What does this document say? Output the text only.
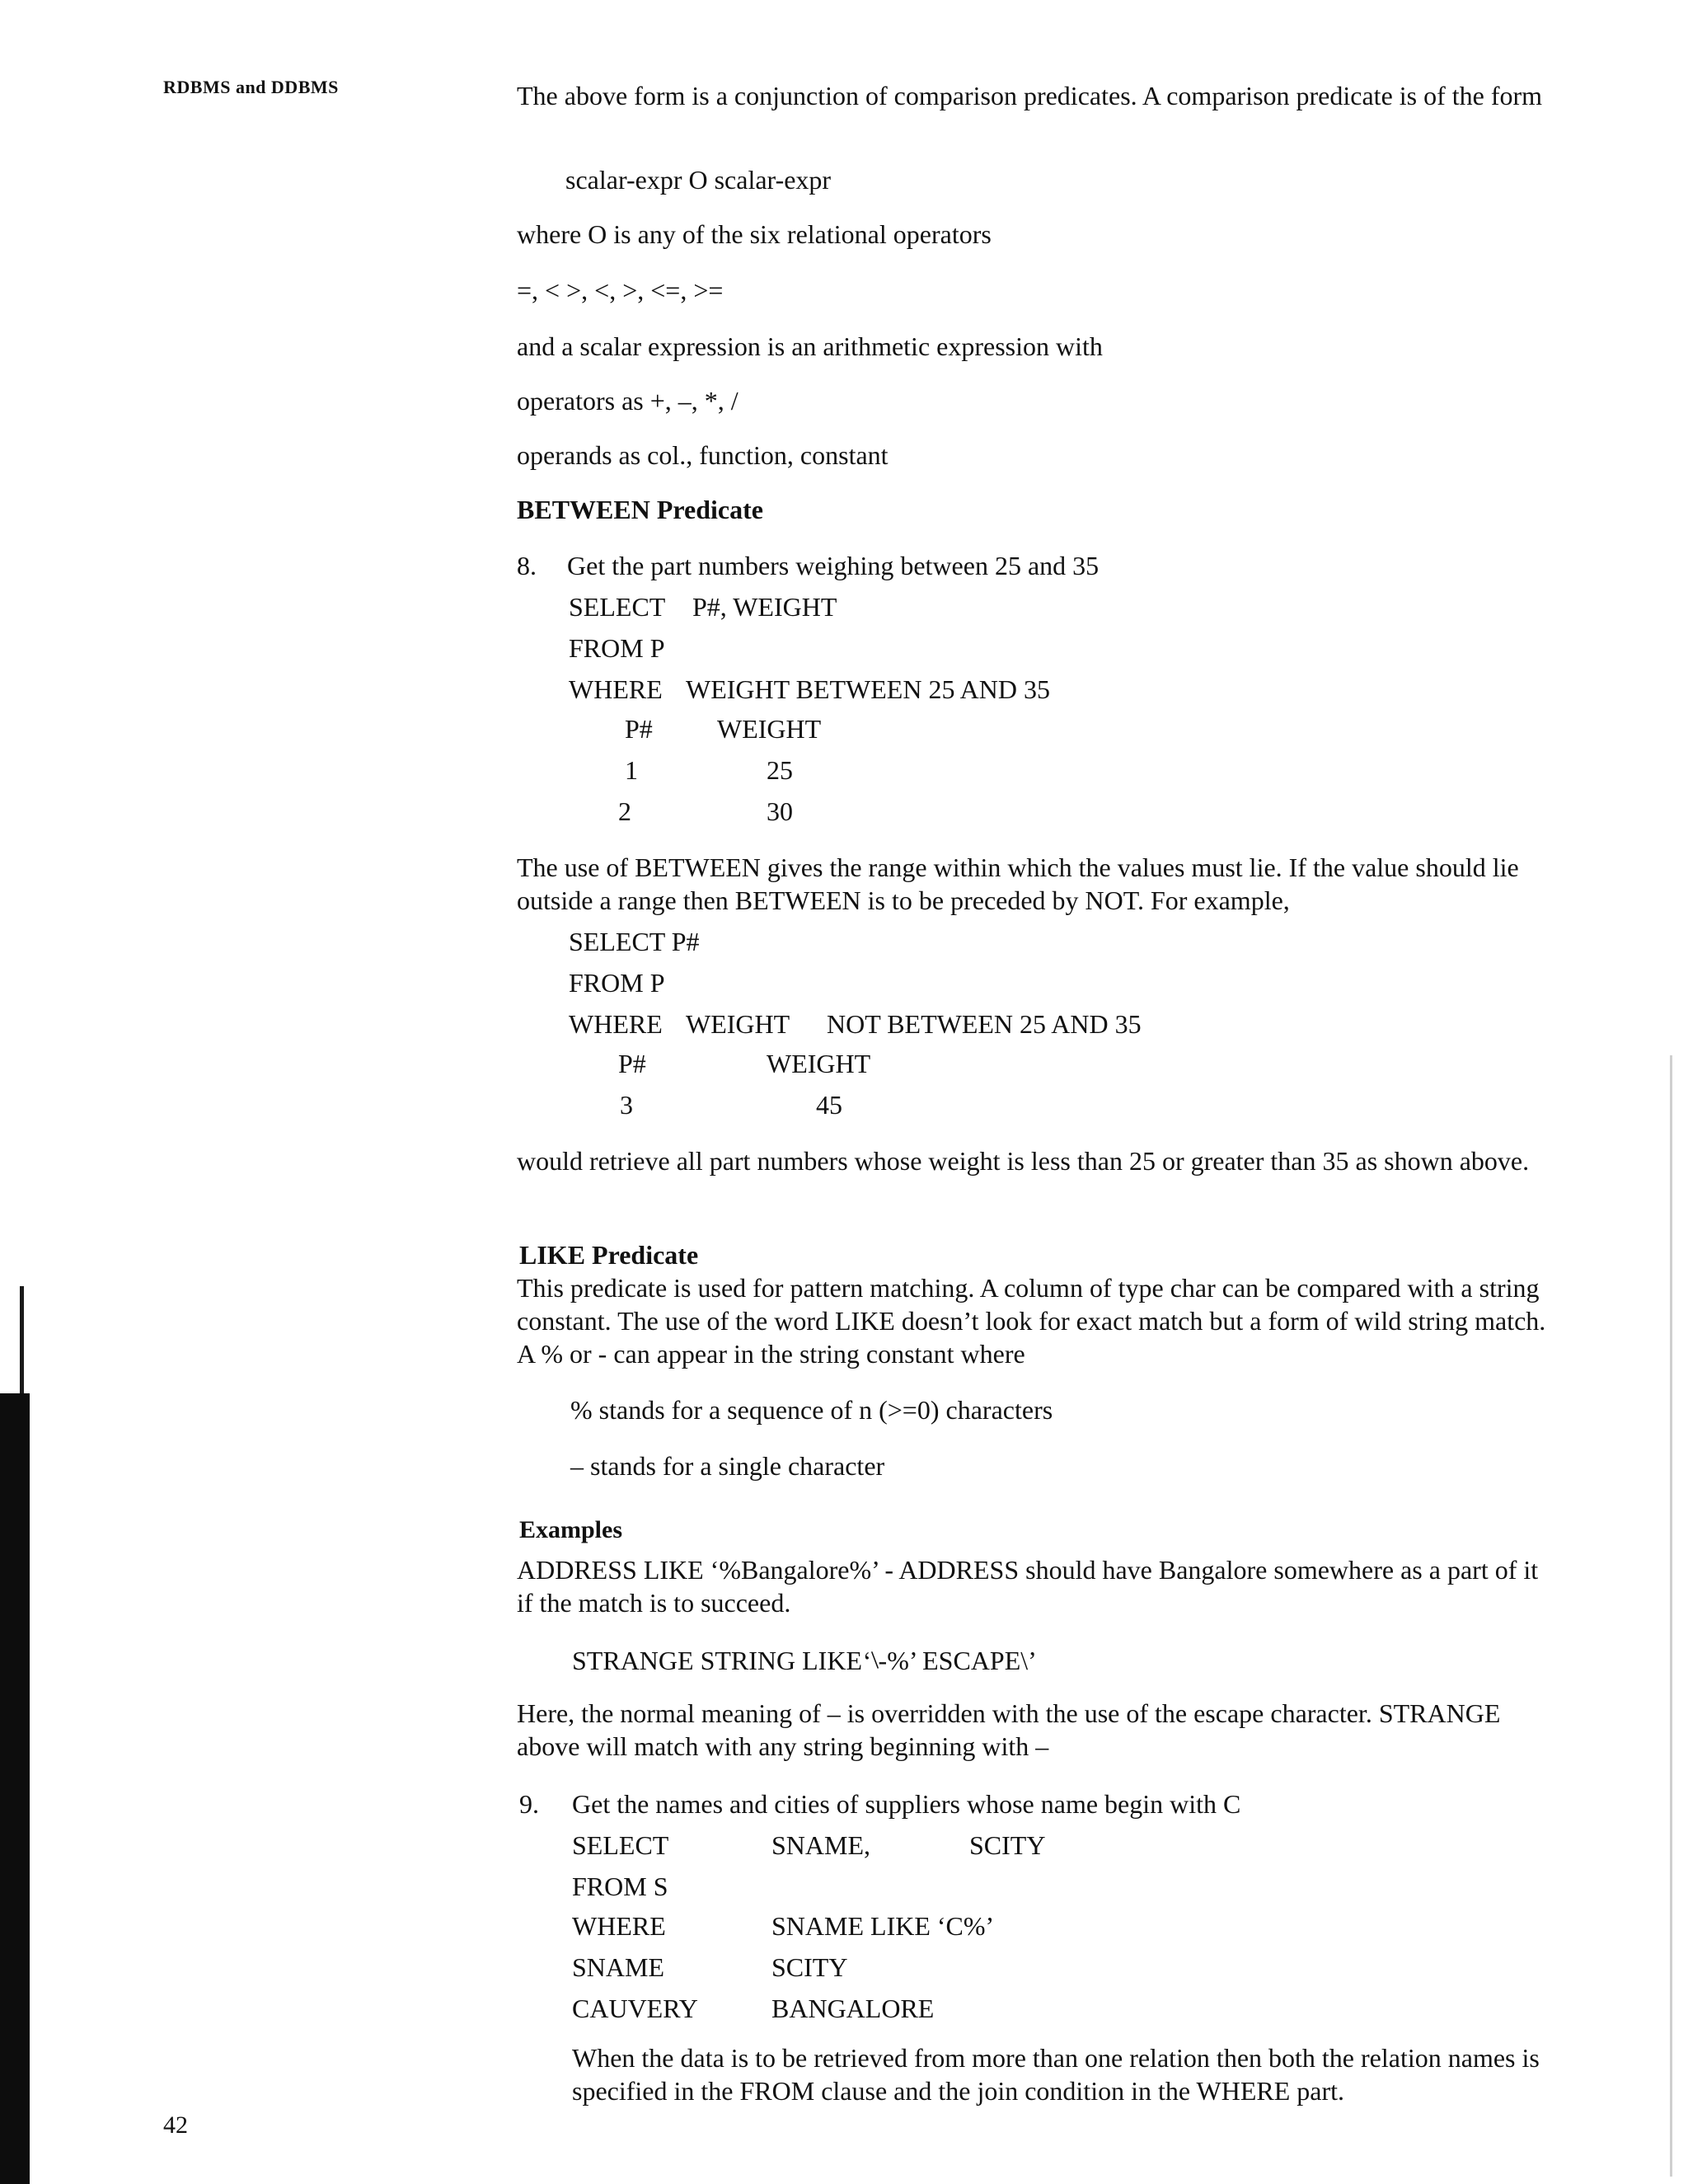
RDBMS and DDBMS	The above form is a conjunction of comparison predicates. A comparison predicate is of the form
scalar-expr O scalar-expr
where O is any of the six relational operators
=, < >, <, >, <=, >=
and a scalar expression is an arithmetic expression with
operators as +, –, *, /
operands as col., function, constant
BETWEEN Predicate
8. Get the part numbers weighing between 25 and 35
SELECT P#, WEIGHT
FROM P
WHERE WEIGHT BETWEEN 25 AND 35
P# WEIGHT
1	25
2	30
The use of BETWEEN gives the range within which the values must lie. If the value should lie outside a range then BETWEEN is to be preceded by NOT. For example,
SELECT P#
FROM P
WHERE WEIGHT NOT BETWEEN 25 AND 35
P#	WEIGHT
3	45
would retrieve all part numbers whose weight is less than 25 or greater than 35 as shown above.
LIKE Predicate
This predicate is used for pattern matching. A column of type char can be compared with a string constant. The use of the word LIKE doesn’t look for exact match but a form of wild string match. A % or - can appear in the string constant where
% stands for a sequence of n (>=0) characters
– stands for a single character
Examples
ADDRESS LIKE ‘%Bangalore%’ - ADDRESS should have Bangalore somewhere as a part of it if the match is to succeed.
STRANGE STRING LIKE‘\-%’ ESCAPE\’
Here, the normal meaning of – is overridden with the use of the escape character. STRANGE above will match with any string beginning with –
9. Get the names and cities of suppliers whose name begin with C
SELECT	SNAME,	SCITY
FROM S
WHERE	SNAME LIKE ‘C%’
SNAME	SCITY
CAUVERY	BANGALORE
When the data is to be retrieved from more than one relation then both the relation names is specified in the FROM clause and the join condition in the WHERE part.
42
